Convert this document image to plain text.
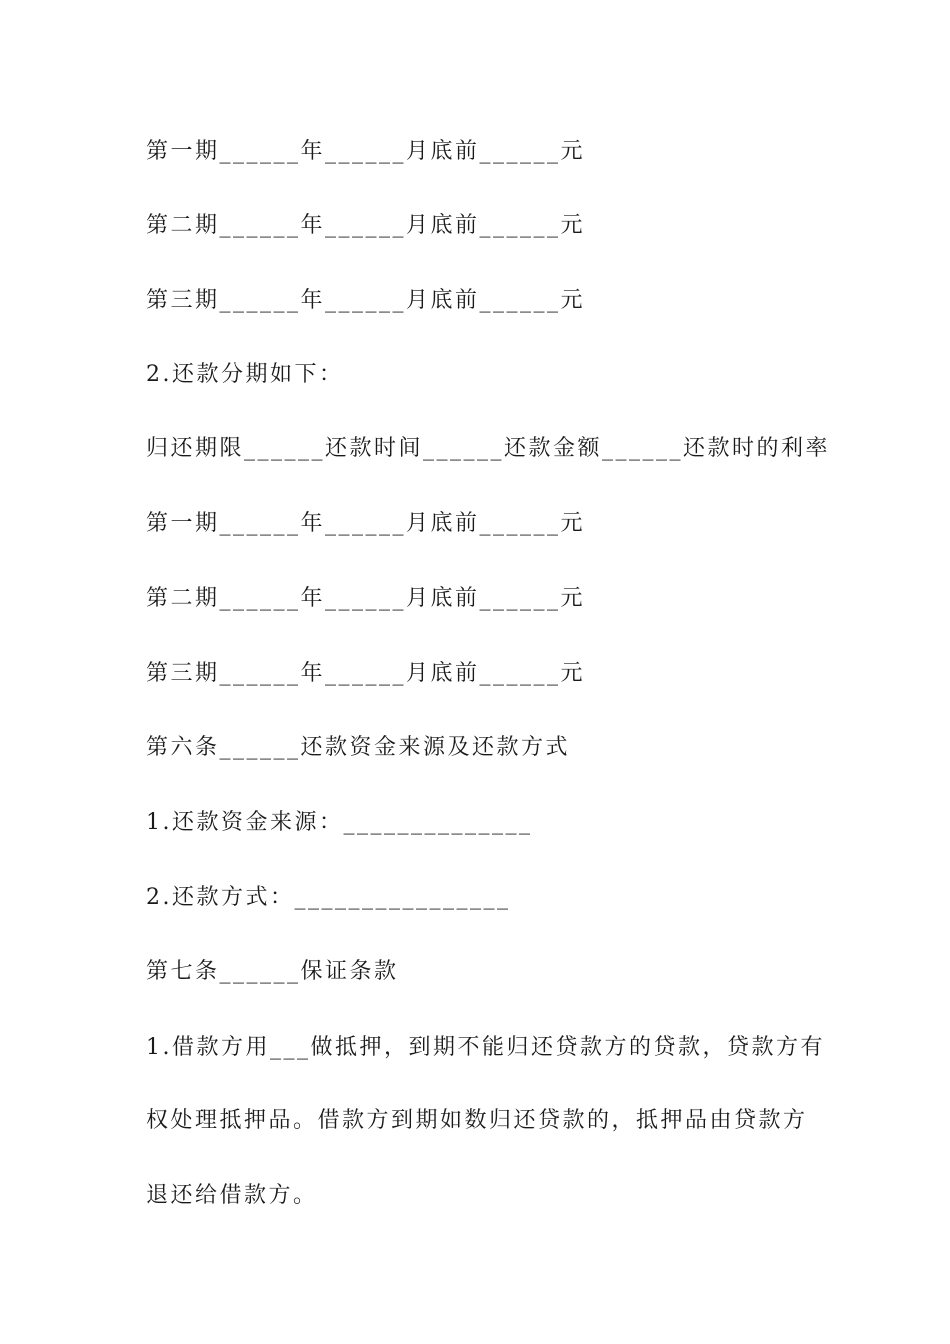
第一期______年______月底前______元
第二期______年______月底前______元
第三期______年______月底前______元
2.还款分期如下：
归还期限______还款时间______还款金额______还款时的利率
第一期______年______月底前______元
第二期______年______月底前______元
第三期______年______月底前______元
第六条______还款资金来源及还款方式
1.还款资金来源：______________
2.还款方式：________________
第七条______保证条款
1.借款方用___做抵押，到期不能归还贷款方的贷款，贷款方有
权处理抵押品。借款方到期如数归还贷款的，抵押品由贷款方
退还给借款方。
